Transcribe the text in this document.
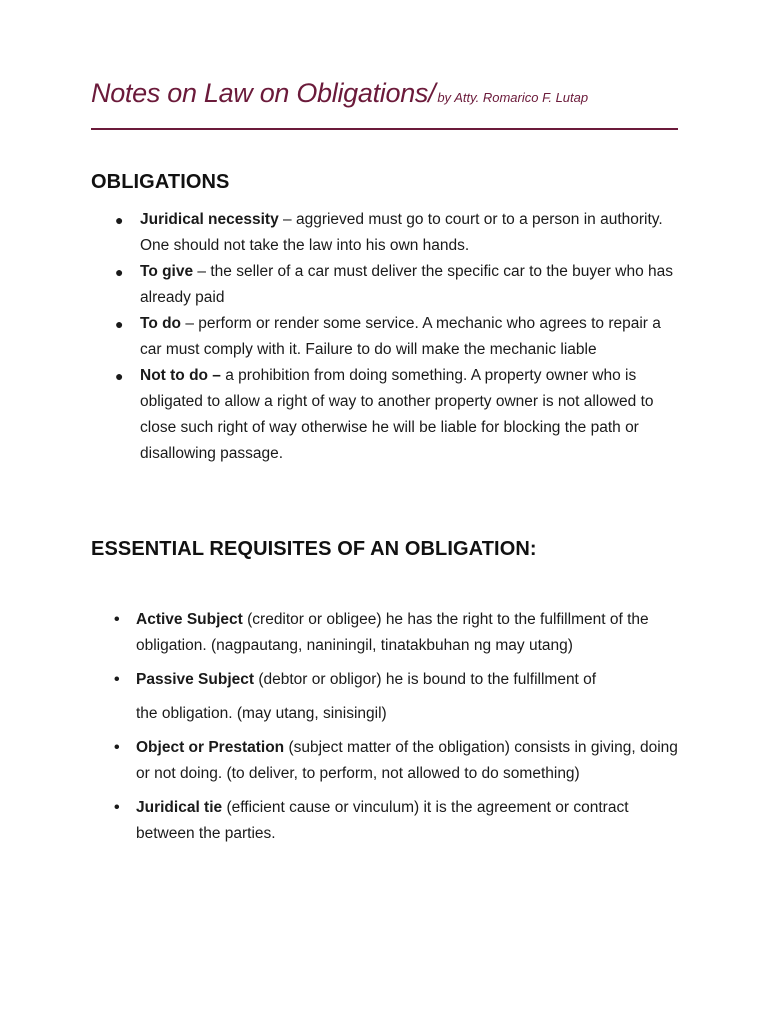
Notes on Law on Obligations/ by Atty. Romarico F. Lutap
OBLIGATIONS
● Juridical necessity – aggrieved must go to court or to a person in authority. One should not take the law into his own hands.
● To give – the seller of a car must deliver the specific car to the buyer who has already paid
● To do – perform or render some service. A mechanic who agrees to repair a car must comply with it. Failure to do will make the mechanic liable
● Not to do – a prohibition from doing something. A property owner who is obligated to allow a right of way to another property owner is not allowed to close such right of way otherwise he will be liable for blocking the path or disallowing passage.
ESSENTIAL REQUISITES OF AN OBLIGATION:
• Active Subject (creditor or obligee) he has the right to the fulfillment of the obligation. (nagpautang, naniningil, tinatakbuhan ng may utang)
• Passive Subject (debtor or obligor) he is bound to the fulfillment of
the obligation. (may utang, sinisingil)
• Object or Prestation (subject matter of the obligation) consists in giving, doing or not doing. (to deliver, to perform, not allowed to do something)
• Juridical tie (efficient cause or vinculum) it is the agreement or contract between the parties.
